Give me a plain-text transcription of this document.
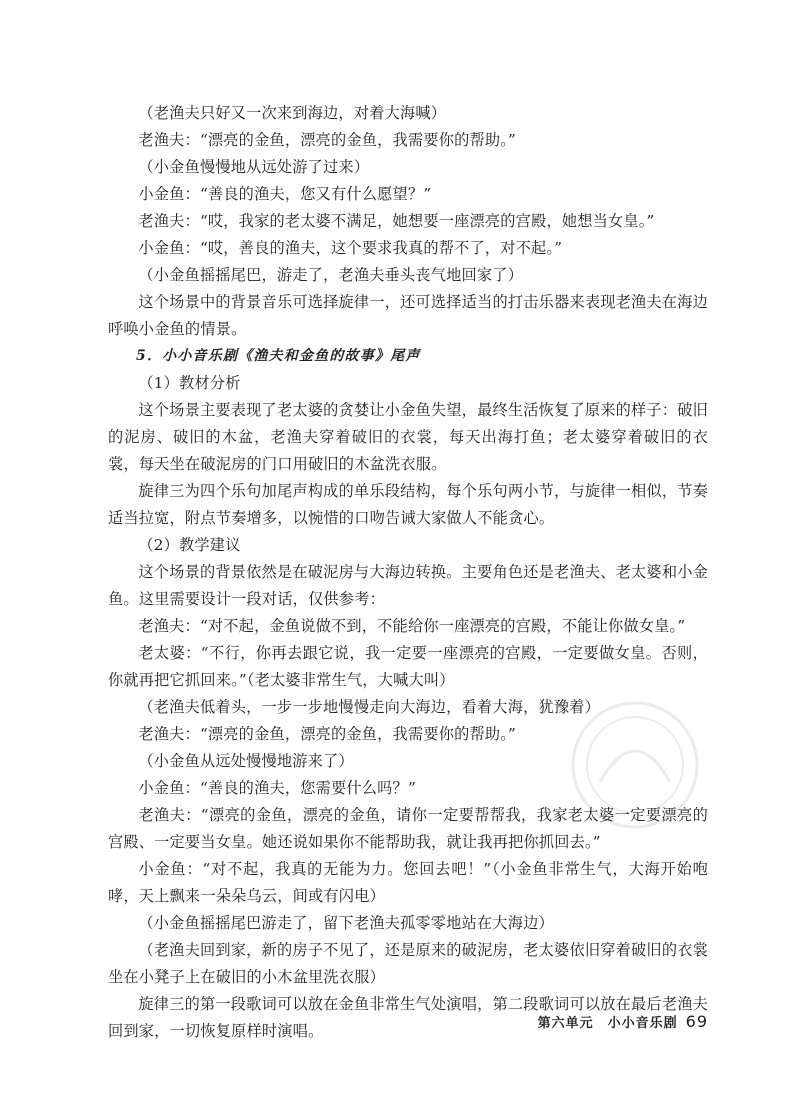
（老渔夫只好又一次来到海边，对着大海喊）

老渔夫：“漂亮的金鱼，漂亮的金鱼，我需要你的帮助。”

（小金鱼慢慢地从远处游了过来）

小金鱼：“善良的渔夫，您又有什么愿望？”

老渔夫：“哎，我家的老太婆不满足，她想要一座漂亮的宫殿，她想当女皇。”

小金鱼：“哎，善良的渔夫，这个要求我真的帮不了，对不起。”

（小金鱼摇摇尾巴，游走了，老渔夫垂头丧气地回家了）

这个场景中的背景音乐可选择旋律一，还可选择适当的打击乐器来表现老渔夫在海边呼唤小金鱼的情景。

5．小小音乐剧《渔夫和金鱼的故事》尾声

（1）教材分析

这个场景主要表现了老太婆的贪婪让小金鱼失望，最终生活恢复了原来的样子：破旧的泥房、破旧的木盆，老渔夫穿着破旧的衣裳，每天出海打鱼；老太婆穿着破旧的衣裳，每天坐在破泥房的门口用破旧的木盆洗衣服。

旋律三为四个乐句加尾声构成的单乐段结构，每个乐句两小节，与旋律一相似，节奏适当拉宽，附点节奏增多，以惋惜的口吻告诫大家做人不能贪心。

（2）教学建议

这个场景的背景依然是在破泥房与大海边转换。主要角色还是老渔夫、老太婆和小金鱼。这里需要设计一段对话，仅供参考：

老渔夫：“对不起，金鱼说做不到，不能给你一座漂亮的宫殿，不能让你做女皇。”

老太婆：“不行，你再去跟它说，我一定要一座漂亮的宫殿，一定要做女皇。否则，你就再把它抓回来。”（老太婆非常生气，大喊大叫）

（老渔夫低着头，一步一步地慢慢走向大海边，看着大海，犹豫着）

老渔夫：“漂亮的金鱼，漂亮的金鱼，我需要你的帮助。”

（小金鱼从远处慢慢地游来了）

小金鱼：“善良的渔夫，您需要什么吗？”

老渔夫：“漂亮的金鱼，漂亮的金鱼，请你一定要帮帮我，我家老太婆一定要漂亮的宫殿、一定要当女皇。她还说如果你不能帮助我，就让我再把你抓回去。”

小金鱼：“对不起，我真的无能为力。您回去吧！”（小金鱼非常生气，大海开始咆哮，天上飘来一朵朵乌云，间或有闪电）

（小金鱼摇摇尾巴游走了，留下老渔夫孤零零地站在大海边）

（老渔夫回到家，新的房子不见了，还是原来的破泥房，老太婆依旧穿着破旧的衣裳坐在小凳子上在破旧的小木盆里洗衣服）

旋律三的第一段歌词可以放在金鱼非常生气处演唱，第二段歌词可以放在最后老渔夫回到家，一切恢复原样时演唱。	第六单元　小小音乐剧 69
